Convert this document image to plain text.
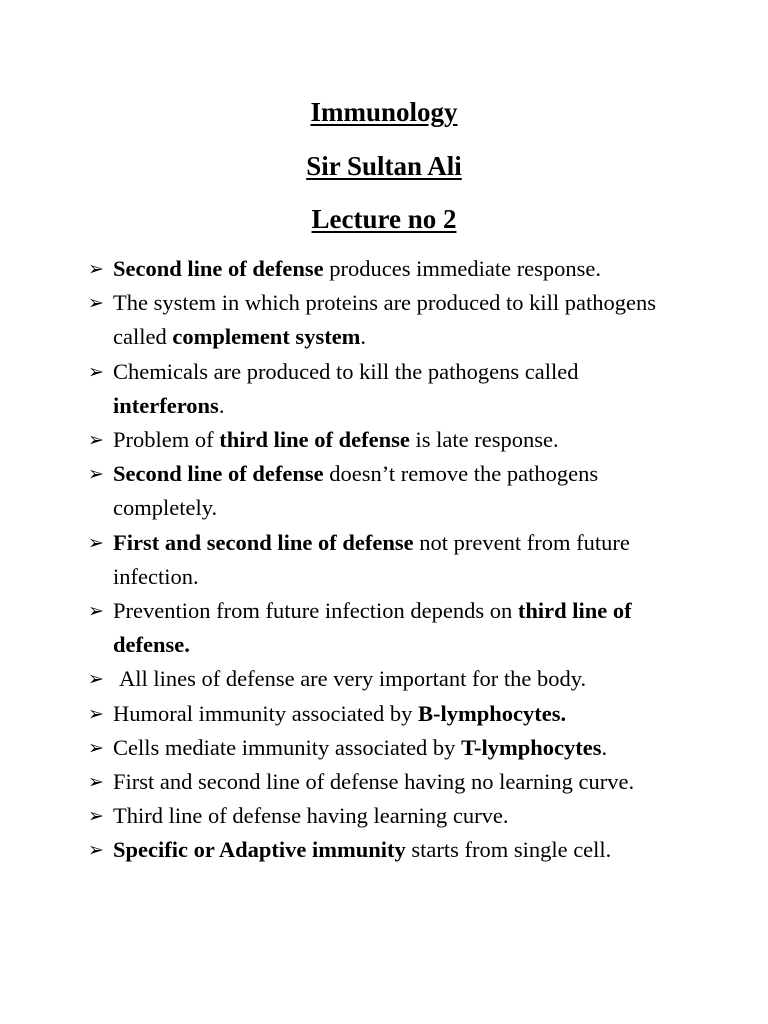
Immunology
Sir Sultan Ali
Lecture no 2
➢ Second line of defense produces immediate response.
➢ The system in which proteins are produced to kill pathogens called complement system.
➢ Chemicals are produced to kill the pathogens called interferons.
➢ Problem of third line of defense is late response.
➢ Second line of defense doesn’t remove the pathogens completely.
➢ First and second line of defense not prevent from future infection.
➢ Prevention from future infection depends on third line of defense.
➢ All lines of defense are very important for the body.
➢ Humoral immunity associated by B-lymphocytes.
➢ Cells mediate immunity associated by T-lymphocytes.
➢ First and second line of defense having no learning curve.
➢ Third line of defense having learning curve.
➢ Specific or Adaptive immunity starts from single cell.
